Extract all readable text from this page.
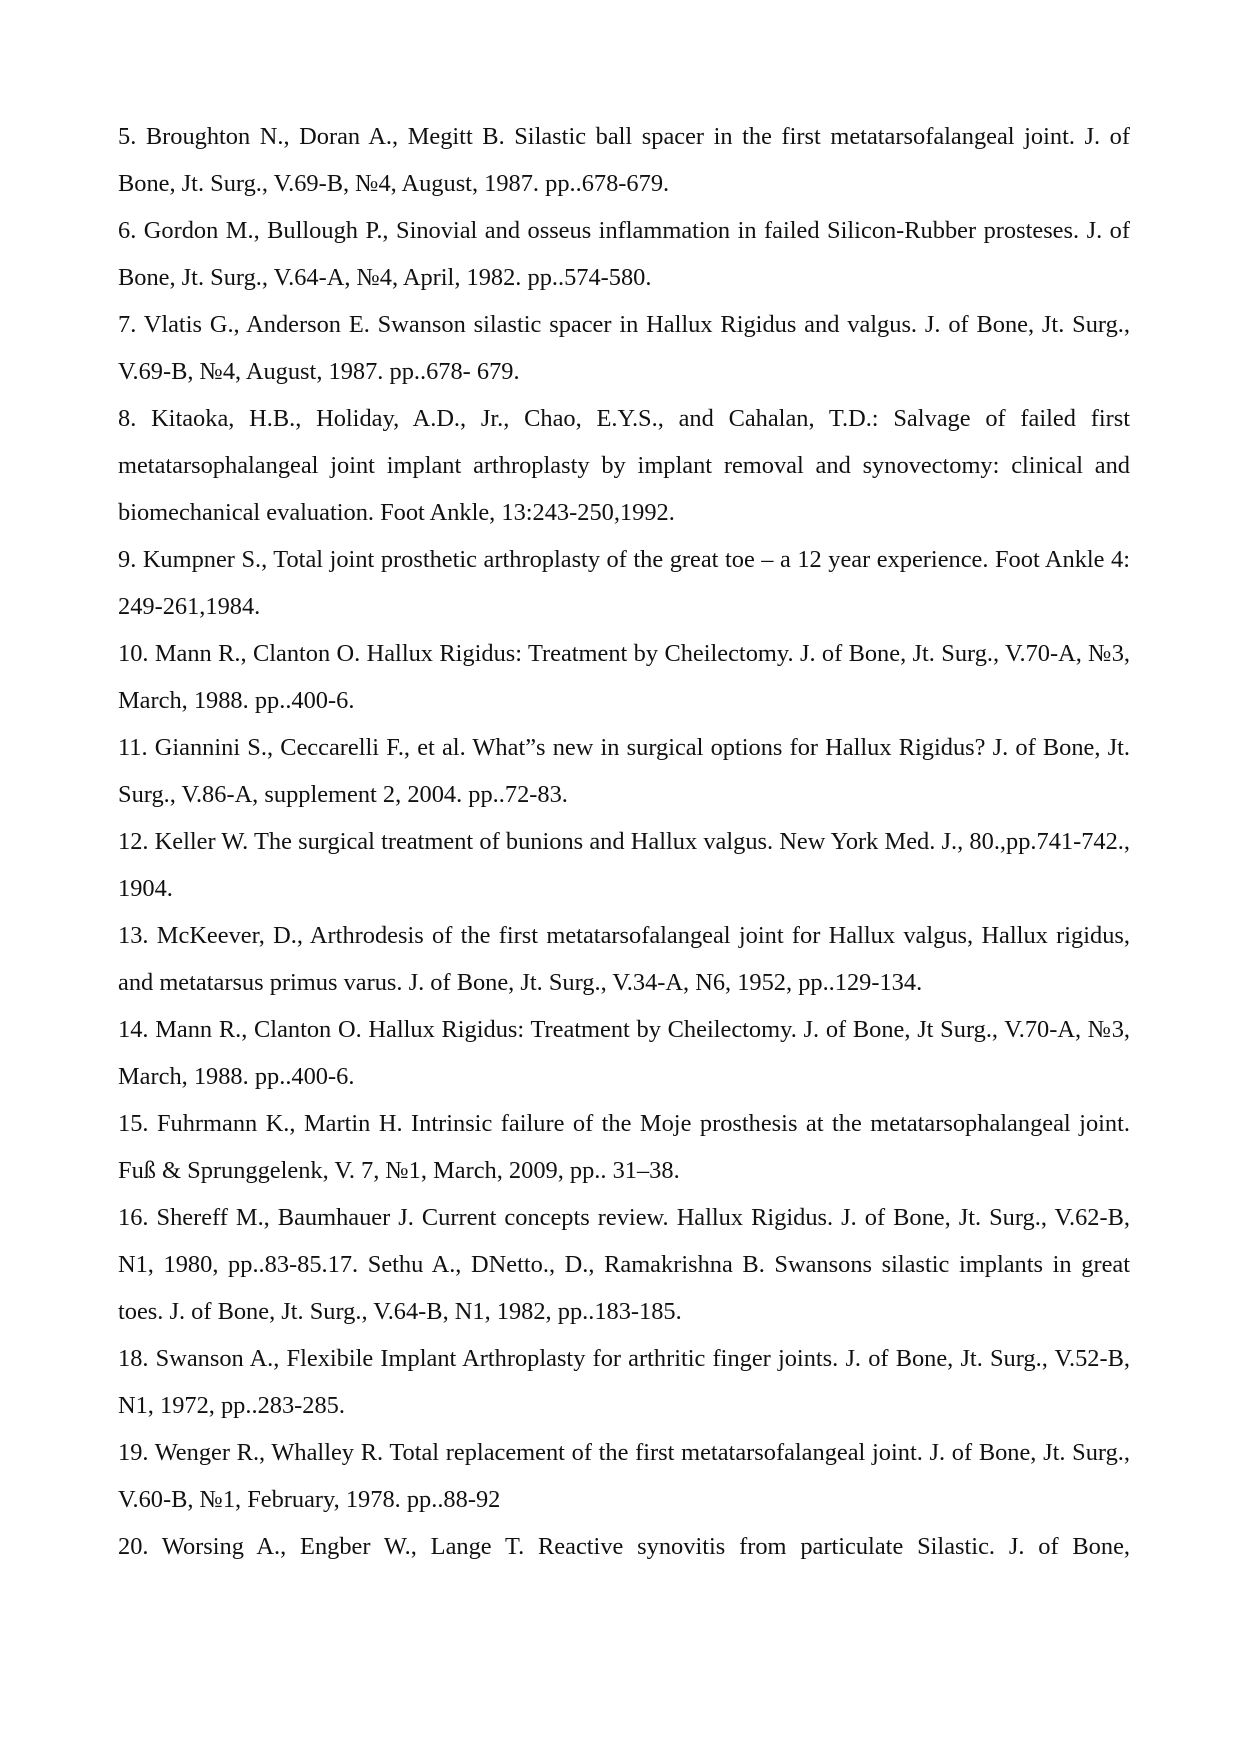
5. Broughton N., Doran A., Megitt B. Silastic ball spacer in the first metatarsofalangeal joint. J. of Bone, Jt. Surg., V.69-B, №4, August, 1987. pp..678-679.

6. Gordon M., Bullough P., Sinovial and osseus inflammation in failed Silicon-Rubber prosteses. J. of Bone, Jt. Surg., V.64-A, №4, April, 1982. pp..574-580.

7. Vlatis G., Anderson E. Swanson silastic spacer in Hallux Rigidus and valgus. J. of Bone, Jt. Surg., V.69-B, №4, August, 1987. pp..678- 679.

8. Kitaoka, H.B., Holiday, A.D., Jr., Chao, E.Y.S., and Cahalan, T.D.: Salvage of failed first metatarsophalangeal joint implant arthroplasty by implant removal and synovectomy: clinical and biomechanical evaluation. Foot Ankle, 13:243-250,1992.

9. Kumpner S., Total joint prosthetic arthroplasty of the great toe – a 12 year experience. Foot Ankle 4: 249-261,1984.

10. Mann R., Clanton O. Hallux Rigidus: Treatment by Cheilectomy. J. of Bone, Jt. Surg., V.70-A, №3, March, 1988. pp..400-6.

11. Giannini S., Ceccarelli F., et al. What”s new in surgical options for Hallux Rigidus? J. of Bone, Jt. Surg., V.86-A, supplement 2, 2004. pp..72-83.

12. Keller W. The surgical treatment of bunions and Hallux valgus. New York Med. J., 80.,pp.741-742., 1904.

13. McKeever, D., Arthrodesis of the first metatarsofalangeal joint for Hallux valgus, Hallux rigidus, and metatarsus primus varus. J. of Bone, Jt. Surg., V.34-A, N6, 1952, pp..129-134.

14. Mann R., Clanton O. Hallux Rigidus: Treatment by Cheilectomy. J. of Bone, Jt Surg., V.70-A, №3, March, 1988. pp..400-6.

15. Fuhrmann K., Martin H. Intrinsic failure of the Moje prosthesis at the metatarsophalangeal joint. Fuß & Sprunggelenk, V. 7, №1, March, 2009, pp.. 31–38.

16. Shereff M., Baumhauer J. Current concepts review. Hallux Rigidus. J. of Bone, Jt. Surg., V.62-B, N1, 1980, pp..83-85.17. Sethu A., DNetto., D., Ramakrishna B. Swansons silastic implants in great toes. J. of Bone, Jt. Surg., V.64-B, N1, 1982, pp..183-185.

18. Swanson A., Flexibile Implant Arthroplasty for arthritic finger joints. J. of Bone, Jt. Surg., V.52-B, N1, 1972, pp..283-285.

19. Wenger R., Whalley R. Total replacement of the first metatarsofalangeal joint. J. of Bone, Jt. Surg., V.60-B, №1, February, 1978. pp..88-92

20. Worsing A., Engber W., Lange T. Reactive synovitis from particulate Silastic. J. of Bone,
